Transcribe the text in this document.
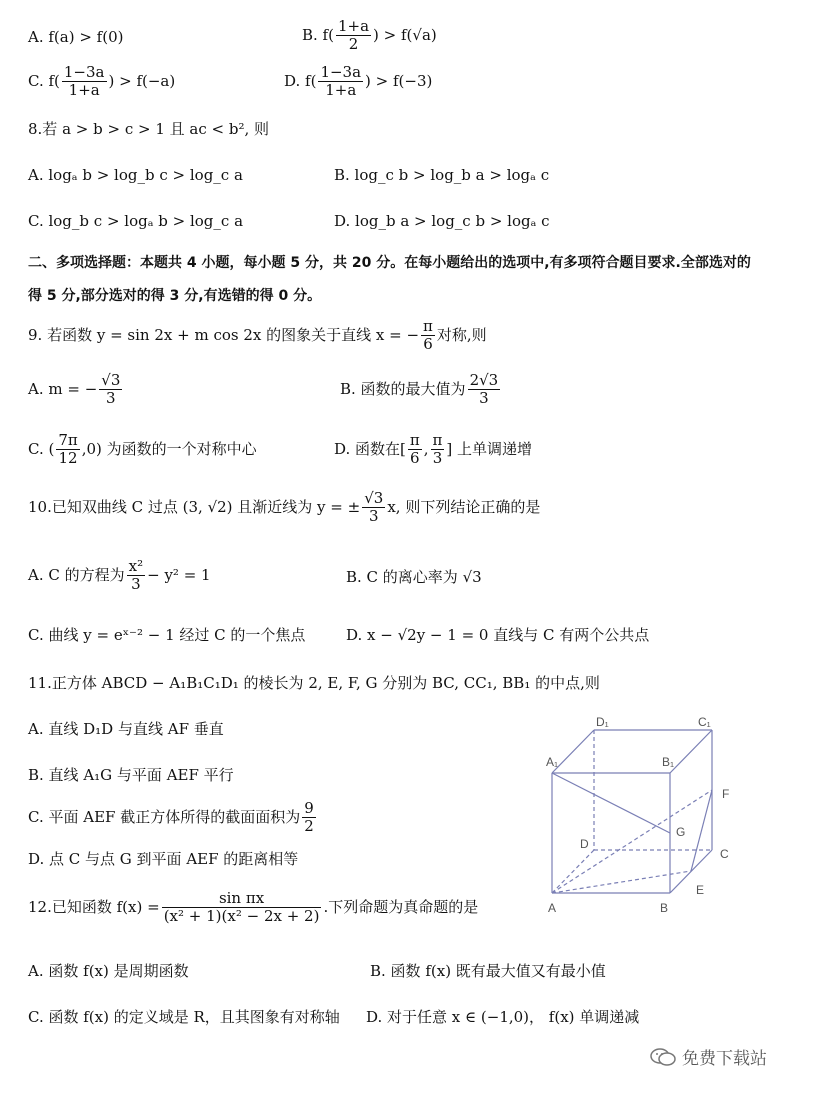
A. f(a) > f(0)	B. $f( \frac{1+a}{2}$ ) > f(√a)
C. $f( \frac{1-3a}{1+a}$ ) > f(−a)	D. $f( \frac{1-3a}{1+a}$ ) > f(−3)
8.若 a > b > c > 1 且 ac < b², 则
A. logₐ b > log_b c > log_c a	B. log_c b > log_b a > logₐ c
C. log_b c > logₐ b > log_c a	D. log_b a > log_c b > logₐ c
二、多项选择题：本题共 4 小题，每小题 5 分，共 20 分。在每小题给出的选项中,有多项符合题目要求.全部选对的
得 5 分,部分选对的得 3 分,有选错的得 0 分。
9. 若函数 y = sin 2x + m cos 2x 的图象关于直线 x = − $\frac{\pi}{6}$ 对称,则
A. m = − $\frac{√3}{3}$	B. 函数的最大值为 $\frac{2√3}{3}$
C. ( $\frac{7\pi}{12} ,0$) 为函数的一个对称中心	D. 函数在[ $\frac{\pi}{6}$ , $\frac{\pi}{3}$ ] 上单调递增
10.已知双曲线 C 过点 (3, √2) 且渐近线为 y = ± $\frac{√3}{3} x$, 则下列结论正确的是
A. C 的方程为 $\frac{\text{x²}}{3} - y^2 = 1$	B. C 的离心率为 √3
C. 曲线 y = eˣ⁻² − 1 经过 C 的一个焦点	D. x − √2y − 1 = 0 直线与 C 有两个公共点
11.正方体 ABCD − A₁B₁C₁D₁ 的棱长为 2, E, F, G 分别为 BC, CC₁, BB₁ 的中点,则
A. 直线 D₁D 与直线 AF 垂直
B. 直线 A₁G 与平面 AEF 平行
C. 平面 AEF 截正方体所得的截面面积为 $\frac{9}{2}$
D. 点 C 与点 G 到平面 AEF 的距离相等
D₁	C₁
A₁	B₁
F
G
D
C
E
A	B
12.已知函数 $f(x) = \frac{\text{sin πx}}{\text{(x² + 1)(x² − 2x + 2)}}$ .下列命题为真命题的是
A. 函数 f(x) 是周期函数	B. 函数 f(x) 既有最大值又有最小值
C. 函数 f(x) 的定义域是 R，且其图象有对称轴 D. 对于任意 x ∈ (−1,0)， f(x) 单调递减
免费下载站
